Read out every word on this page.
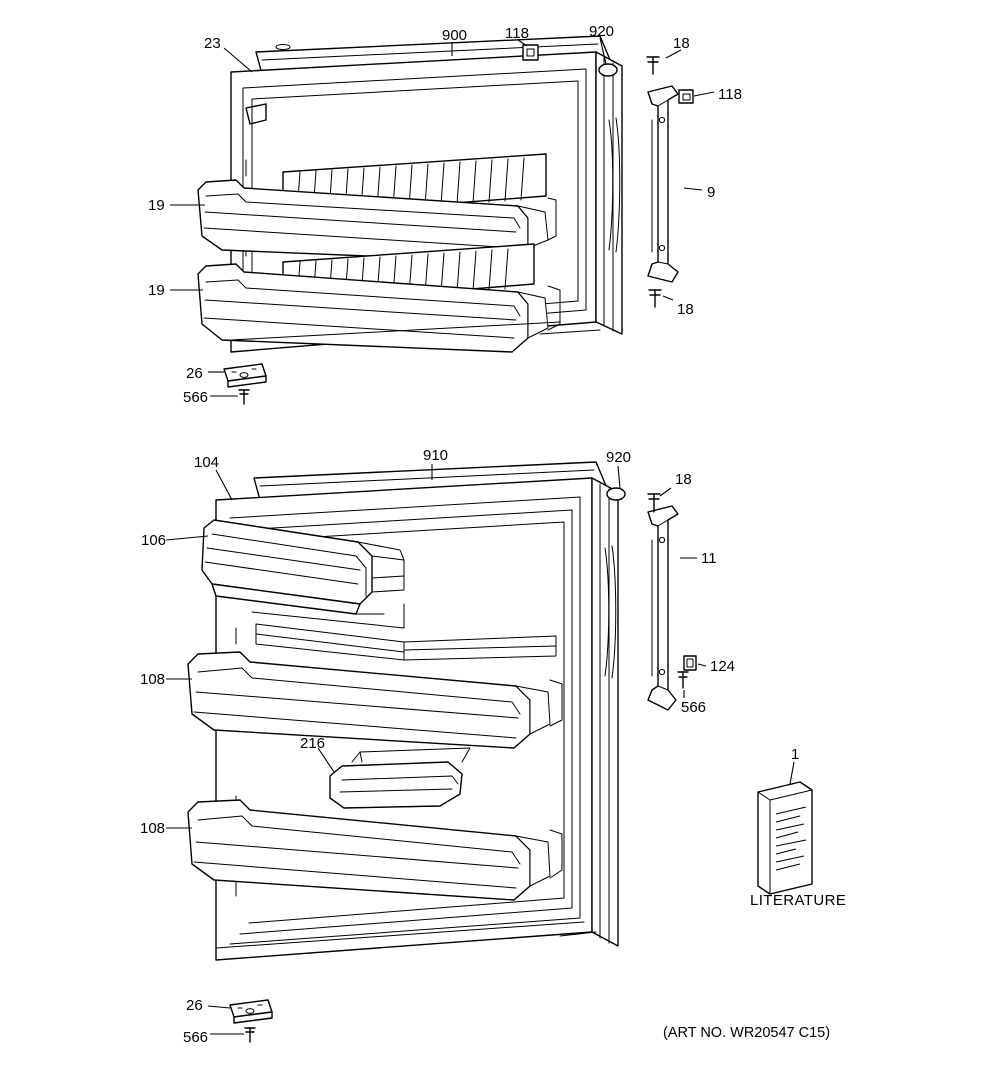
23	900	118	920
18
118
9
19
19
18
26
566
104	910	920
18
106
11
108
124
566
216
108
1
26
566
LITERATURE
(ART NO. WR20547 C15)
